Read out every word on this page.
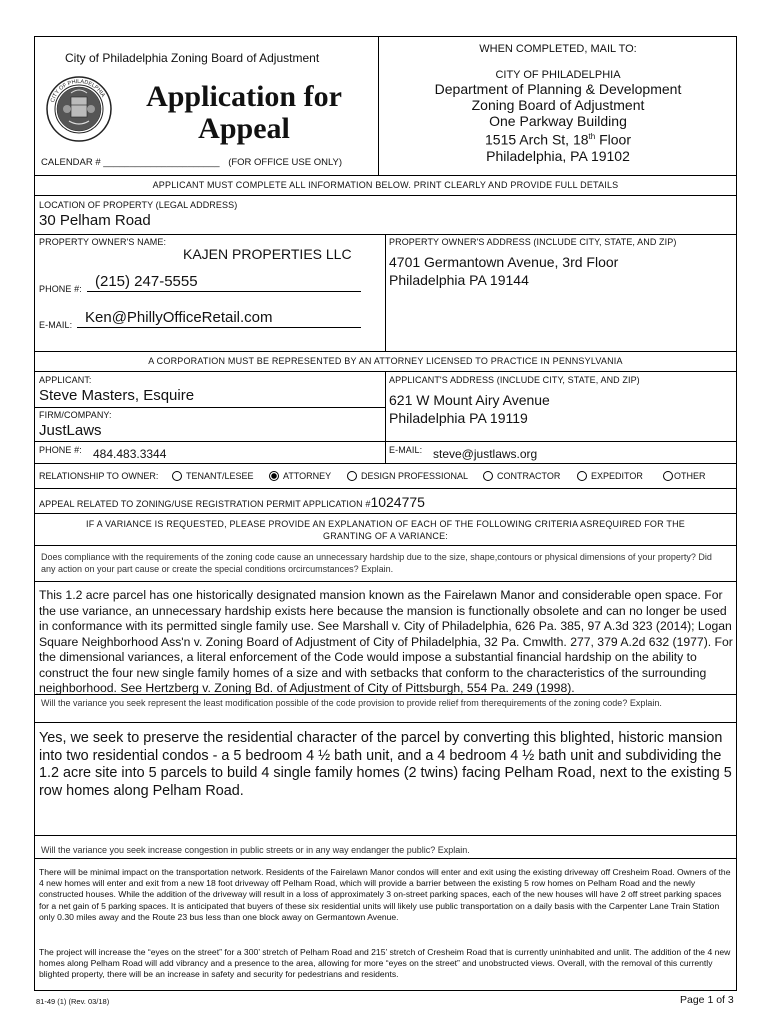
City of Philadelphia Zoning Board of Adjustment
CITY OF PHILADELPHIA Application for
Appeal
CALENDAR # ______________________ (FOR OFFICE USE ONLY)
WHEN COMPLETED, MAIL TO:
CITY OF PHILADELPHIA
Department of Planning & Development
Zoning Board of Adjustment
One Parkway Building
1515 Arch St, 18th Floor
Philadelphia, PA 19102
APPLICANT MUST COMPLETE ALL INFORMATION BELOW. PRINT CLEARLY AND PROVIDE FULL DETAILS
LOCATION OF PROPERTY (LEGAL ADDRESS)
30 Pelham Road
PROPERTY OWNER'S NAME:
KAJEN PROPERTIES LLC
$_{PHONE \#:}$ (215) 247-5555
$_{E-MAIL:}$ Ken@PhillyOfficeRetail.com
PROPERTY OWNER'S ADDRESS (INCLUDE CITY, STATE, AND ZIP)
4701 Germantown Avenue, 3rd Floor
Philadelphia PA 19144
A CORPORATION MUST BE REPRESENTED BY AN ATTORNEY LICENSED TO PRACTICE IN PENNSYLVANIA
APPLICANT:
Steve Masters, Esquire
FIRM/COMPANY:
JustLaws
PHONE #: 484.483.3344
APPLICANT'S ADDRESS (INCLUDE CITY, STATE, AND ZIP)
621 W Mount Airy Avenue
Philadelphia PA 19119
E-MAIL: steve@justlaws.org
RELATIONSHIP TO OWNER:	TENANT/LESEE	ATTORNEY	DESIGN PROFESSIONAL	CONTRACTOR	EXPEDITOR	OTHER
APPEAL RELATED TO ZONING/USE REGISTRATION PERMIT APPLICATION #1024775
IF A VARIANCE IS REQUESTED, PLEASE PROVIDE AN EXPLANATION OF EACH OF THE FOLLOWING CRITERIA ASREQUIRED FOR THE
GRANTING OF A VARIANCE:
Does compliance with the requirements of the zoning code cause an unnecessary hardship due to the size, shape,contours or physical dimensions of your property? Did any action on your part cause or create the special conditions orcircumstances? Explain.
This 1.2 acre parcel has one historically designated mansion known as the Fairelawn Manor and considerable open space. For the use variance, an unnecessary hardship exists here because the mansion is functionally obsolete and can no longer be used in conformance with its permitted single family use. See Marshall v. City of Philadelphia, 626 Pa. 385, 97 A.3d 323 (2014); Logan Square Neighborhood Ass'n v. Zoning Board of Adjustment of City of Philadelphia, 32 Pa. Cmwlth. 277, 379 A.2d 632 (1977). For the dimensional variances, a literal enforcement of the Code would impose a substantial financial hardship on the ability to construct the four new single family homes of a size and with setbacks that conform to the characteristics of the surrounding neighborhood. See Hertzberg v. Zoning Bd. of Adjustment of City of Pittsburgh, 554 Pa. 249 (1998).
Will the variance you seek represent the least modification possible of the code provision to provide relief from therequirements of the zoning code? Explain.
Yes, we seek to preserve the residential character of the parcel by converting this blighted, historic mansion into two residential condos - a 5 bedroom 4 ½ bath unit, and a 4 bedroom 4 ½ bath unit and subdividing the 1.2 acre site into 5 parcels to build 4 single family homes (2 twins) facing Pelham Road, next to the existing 5 row homes along Pelham Road.
Will the variance you seek increase congestion in public streets or in any way endanger the public? Explain.
There will be minimal impact on the transportation network. Residents of the Fairelawn Manor condos will enter and exit using the existing driveway off Cresheim Road. Owners of the 4 new homes will enter and exit from a new 18 foot driveway off Pelham Road, which will provide a barrier between the existing 5 row homes on Pelham Road and the newly constructed houses. While the addition of the driveway will result in a loss of approximately 3 on-street parking spaces, each of the new houses will have 2 off street parking spaces for a net gain of 5 parking spaces. It is anticipated that buyers of these six residential units will likely use public transportation on a daily basis with the Carpenter Lane Train Station only 0.30 miles away and the Route 23 bus less than one block away on Germantown Avenue.
The project will increase the “eyes on the street” for a 300’ stretch of Pelham Road and 215’ stretch of Cresheim Road that is currently uninhabited and unlit. The addition of the 4 new homes along Pelham Road will add vibrancy and a presence to the area, allowing for more “eyes on the street” and unobstructed views. Overall, with the removal of this currently blighted property, there will be an increase in safety and security for pedestrians and residents.
81-49 (1) (Rev. 03/18)	Page 1 of 3
